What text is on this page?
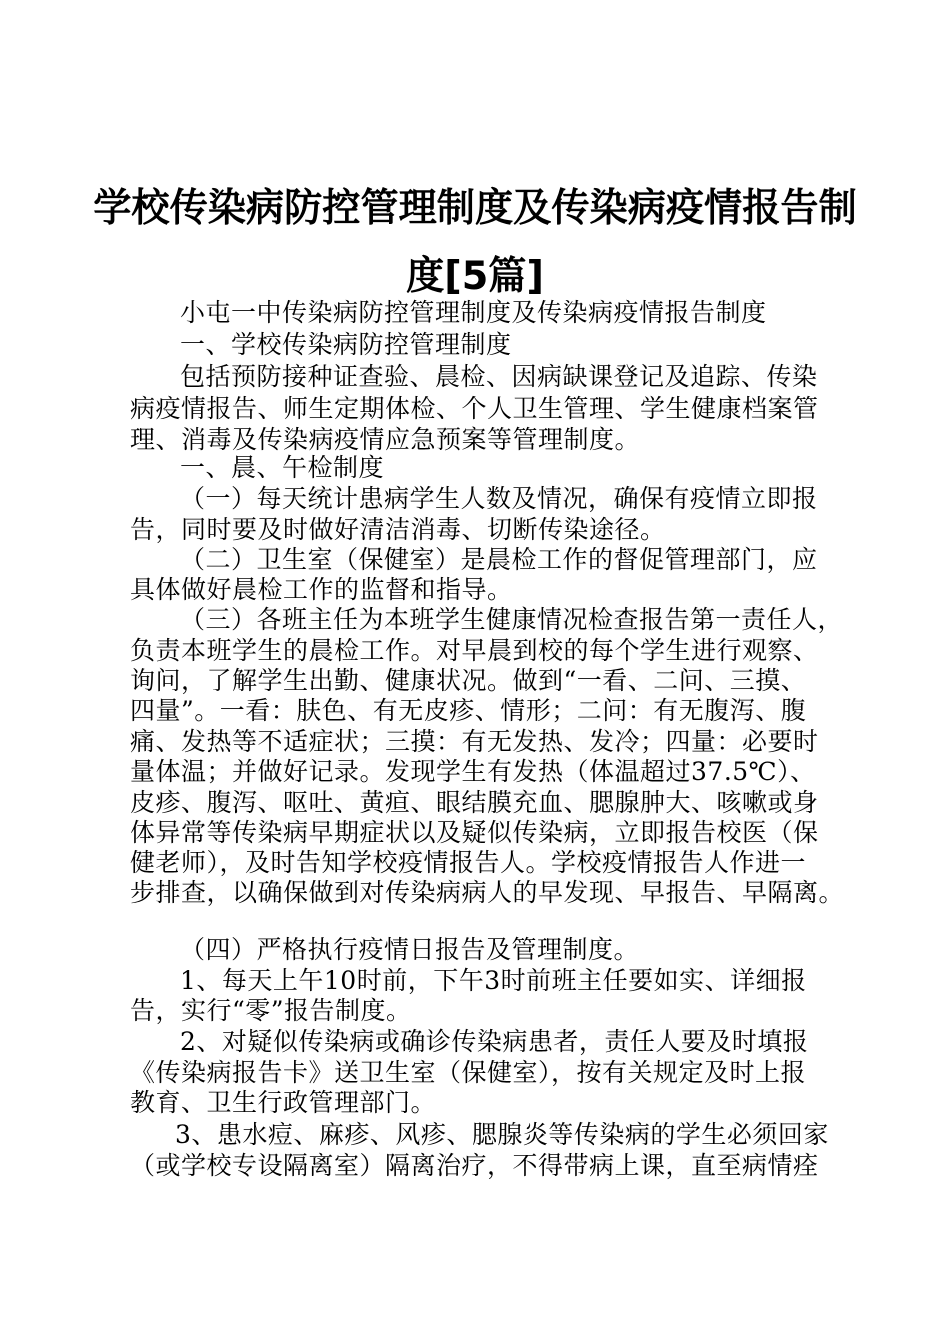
学校传染病防控管理制度及传染病疫情报告制
度[5篇]
小屯一中传染病防控管理制度及传染病疫情报告制度
一、学校传染病防控管理制度
包括预防接种证查验、晨检、因病缺课登记及追踪、传染
病疫情报告、师生定期体检、个人卫生管理、学生健康档案管
理、消毒及传染病疫情应急预案等管理制度。
一、晨、午检制度
（一）每天统计患病学生人数及情况，确保有疫情立即报
告，同时要及时做好清洁消毒、切断传染途径。
（二）卫生室（保健室）是晨检工作的督促管理部门，应
具体做好晨检工作的监督和指导。
（三）各班主任为本班学生健康情况检查报告第一责任人，
负责本班学生的晨检工作。对早晨到校的每个学生进行观察、
询问，了解学生出勤、健康状况。做到“一看、二问、三摸、
四量”。一看：肤色、有无皮疹、情形；二问：有无腹泻、腹
痛、发热等不适症状；三摸：有无发热、发冷；四量：必要时
量体温；并做好记录。发现学生有发热（体温超过37.5℃）、
皮疹、腹泻、呕吐、黄疸、眼结膜充血、腮腺肿大、咳嗽或身
体异常等传染病早期症状以及疑似传染病，立即报告校医（保
健老师），及时告知学校疫情报告人。学校疫情报告人作进一
步排查，以确保做到对传染病病人的早发现、早报告、早隔离。
（四）严格执行疫情日报告及管理制度。
1、每天上午10时前，下午3时前班主任要如实、详细报
告，实行“零”报告制度。
2、对疑似传染病或确诊传染病患者，责任人要及时填报
《传染病报告卡》送卫生室（保健室），按有关规定及时上报
教育、卫生行政管理部门。
3、患水痘、麻疹、风疹、腮腺炎等传染病的学生必须回家
（或学校专设隔离室）隔离治疗，不得带病上课，直至病情痊
